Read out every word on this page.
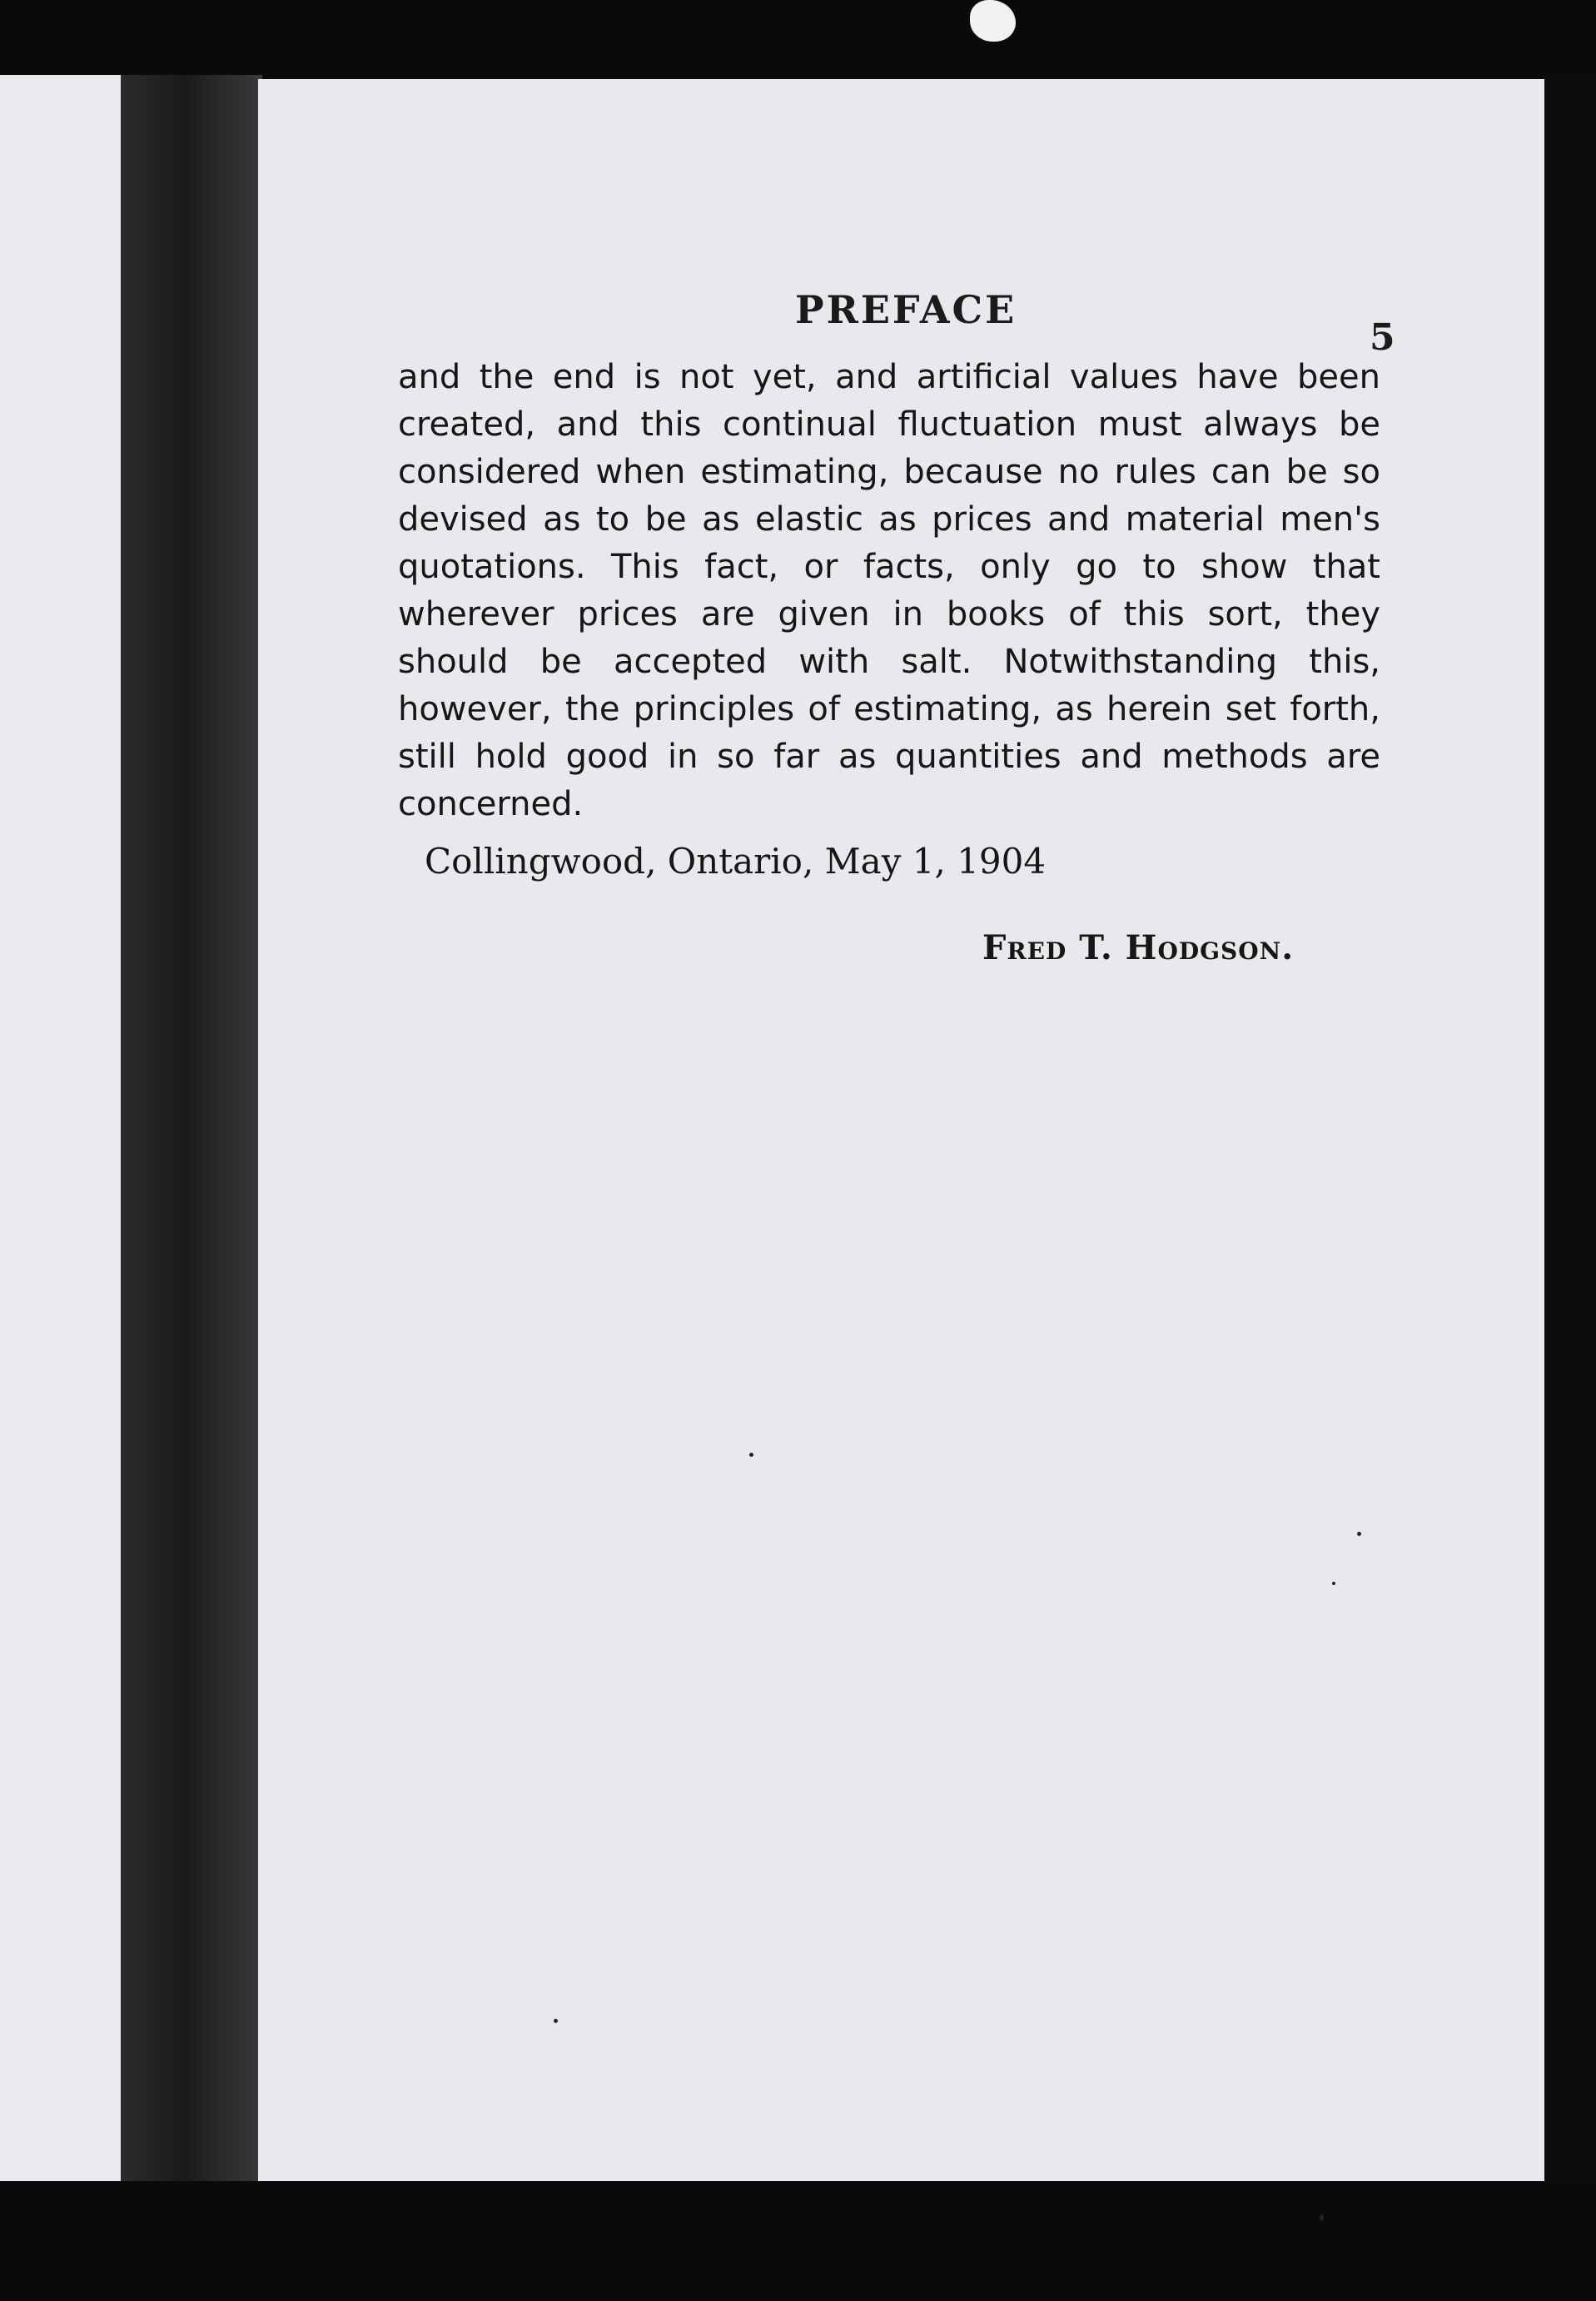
PREFACE
5
and the end is not yet, and artificial values have been created, and this continual fluctuation must always be considered when estimating, because no rules can be so devised as to be as elastic as prices and material men's quotations. This fact, or facts, only go to show that wherever prices are given in books of this sort, they should be accepted with salt. Notwithstanding this, however, the principles of estimating, as herein set forth, still hold good in so far as quantities and methods are concerned.
Collingwood, Ontario, May 1, 1904
Fred T. Hodgson.
